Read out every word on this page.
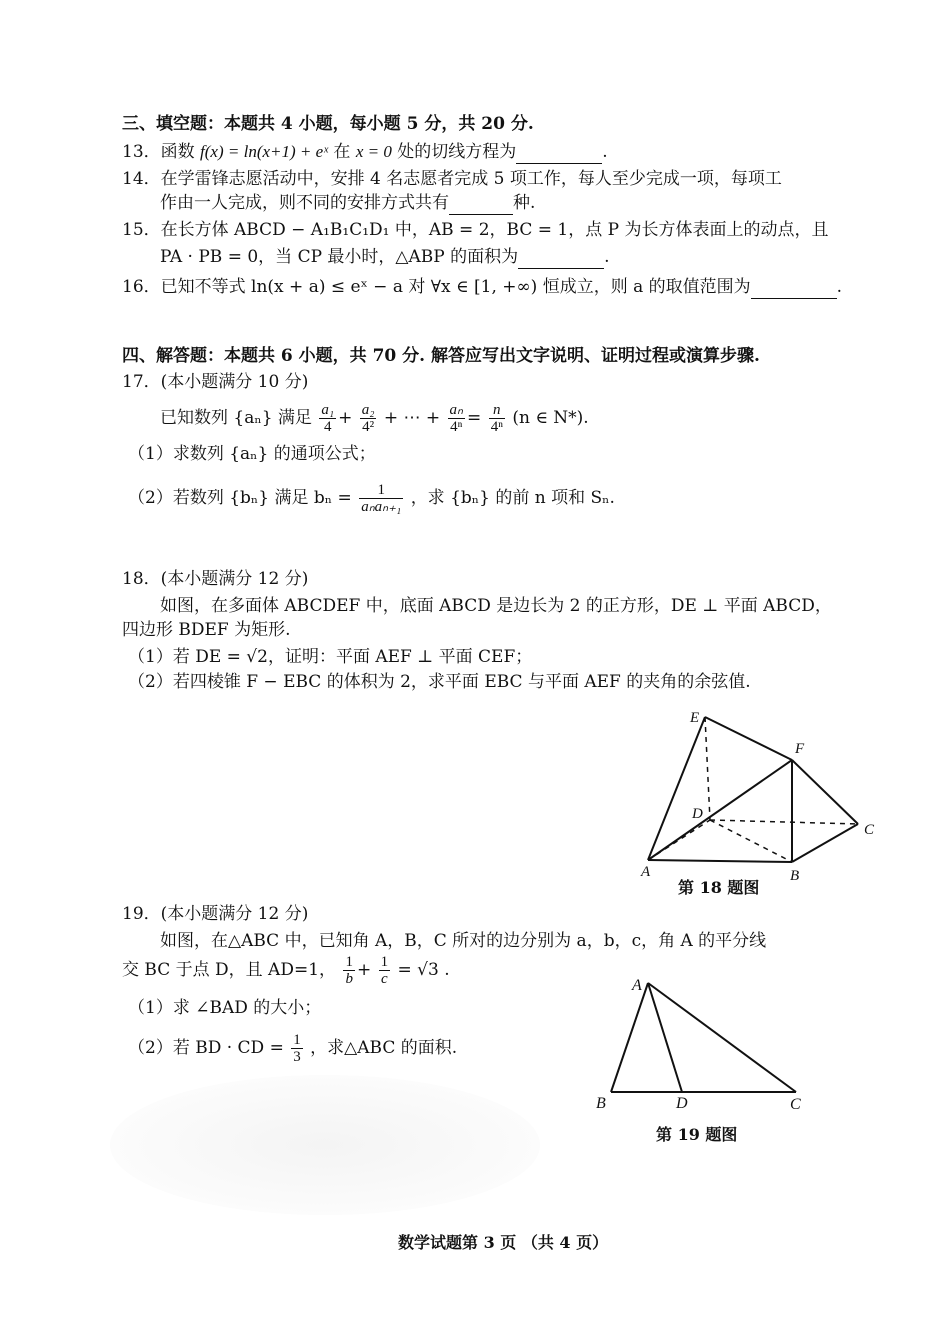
三、填空题：本题共 4 小题，每小题 5 分，共 20 分.
13．函数 f(x) = ln(x+1) + eˣ 在 x = 0 处的切线方程为	.
14．在学雷锋志愿活动中，安排 4 名志愿者完成 5 项工作，每人至少完成一项，每项工
作由一人完成，则不同的安排方式共有	种.
15．在长方体 ABCD − A₁B₁C₁D₁ 中，AB = 2，BC = 1，点 P 为长方体表面上的动点，且
PA · PB = 0，当 CP 最小时，△ABP 的面积为	.
16．已知不等式 ln(x + a) ≤ eˣ − a 对 ∀x ∈ [1, +∞) 恒成立，则 a 的取值范围为	.
四、解答题：本题共 6 小题，共 70 分. 解答应写出文字说明、证明过程或演算步骤.
17．(本小题满分 10 分)
已知数列 {aₙ} 满足 $\frac{\text{a₁}}{4} + \frac{\text{a₂}}{\text{4²}}$ + ⋯ + $\frac{\text{aₙ}}{\text{4ⁿ}} = \frac{n}{\text{4ⁿ}} (n$ ∈ N*).
（1）求数列 {aₙ} 的通项公式；
（2）若数列 {bₙ} 满足 $b_n = \frac{1}{\text{aₙaₙ₊₁}}$ ，求 {bₙ} 的前 n 项和 Sₙ.
18．(本小题满分 12 分)
如图，在多面体 ABCDEF 中，底面 ABCD 是边长为 2 的正方形，DE ⊥ 平面 ABCD，
四边形 BDEF 为矩形.
（1）若 DE = √2，证明：平面 AEF ⊥ 平面 CEF；
（2）若四棱锥 F − EBC 的体积为 2，求平面 EBC 与平面 AEF 的夹角的余弦值.
E
F
D
C
A	B
第 18 题图
19．(本小题满分 12 分)
如图，在△ABC 中，已知角 A，B，C 所对的边分别为 a，b，c，角 A 的平分线
交 BC 于点 D，且 AD=1， $\frac{1}{b} + \frac{1}{c} = √3$ .
（1）求 ∠BAD 的大小；
（2）若 BD · CD = $\frac{1}{3}$ ，求△ABC 的面积.
A
B	D	C
第 19 题图
数学试题第 3 页 （共 4 页）
